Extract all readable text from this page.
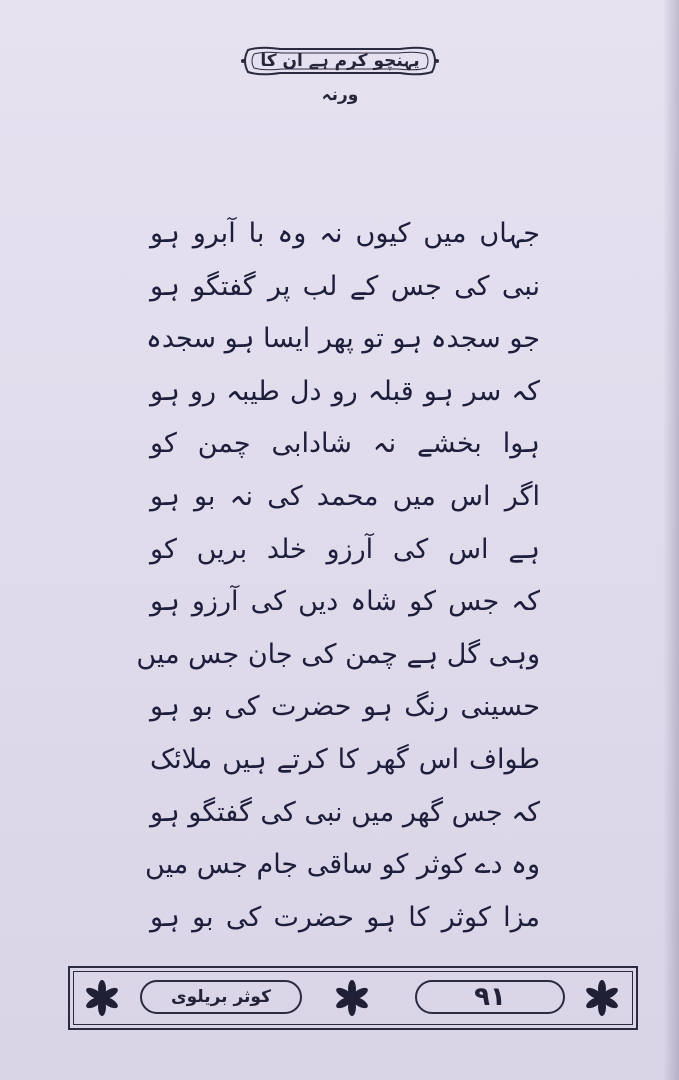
پہنچو کرم ہے ان کا ورنہ
جہاں میں کیوں نہ وہ با آبرو ہو
نبی کی جس کے لب پر گفتگو ہو
جو سجدہ ہو تو پھر ایسا ہو سجدہ
کہ سر ہو قبلہ رو دل طیبہ رو ہو
ہوا بخشے نہ شادابی چمن کو
اگر اس میں محمد کی نہ بو ہو
ہے اس کی آرزو خلد بریں کو
کہ جس کو شاہ دیں کی آرزو ہو
وہی گل ہے چمن کی جان جس میں
حسینی رنگ ہو حضرت کی بو ہو
طواف اس گھر کا کرتے ہیں ملائک
کہ جس گھر میں نبی کی گفتگو ہو
وہ دے کوثر کو ساقی جام جس میں
مزا کوثر کا ہو حضرت کی بو ہو
کوثر بریلوی	۹۱
